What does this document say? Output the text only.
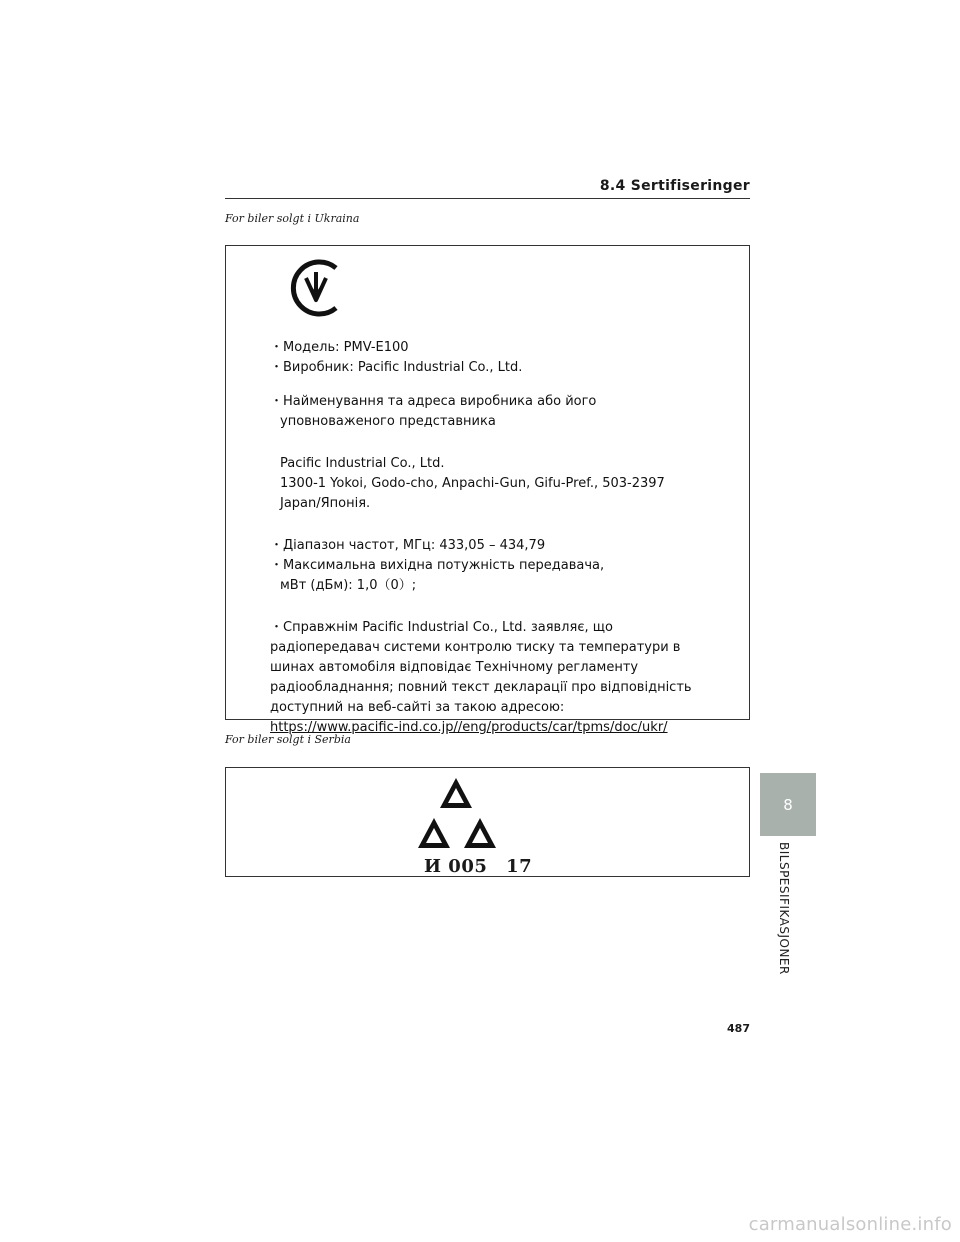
8.4 Sertifiseringer
For biler solgt i Ukraina

・Модель: PMV-E100

・Виробник: Pacific Industrial Co., Ltd.

・Найменування та адреса виробника або його

уповноваженого представника

Pacific Industrial Co., Ltd.

1300-1 Yokoi, Godo-cho, Anpachi-Gun, Gifu-Pref., 503-2397

Japan/Японія.

・Діапазон частот, МГц: 433,05 – 434,79

・Максимальна вихідна потужність передавача,

мВт (дБм): 1,0（0）;

・Справжнім Pacific Industrial Co., Ltd. заявляє, що

радіопередавач системи контролю тиску та температури в

шинах автомобіля відповідає Технічному регламенту

радіообладнання; повний текст декларації про відповідність

доступний на веб-сайті за такою адресою:

https://www.pacific-ind.co.jp//eng/products/car/tpms/doc/ukr/

For biler solgt i Serbia
И 005 17
8
BILSPESIFIKASJONER
487
carmanualsonline.info
